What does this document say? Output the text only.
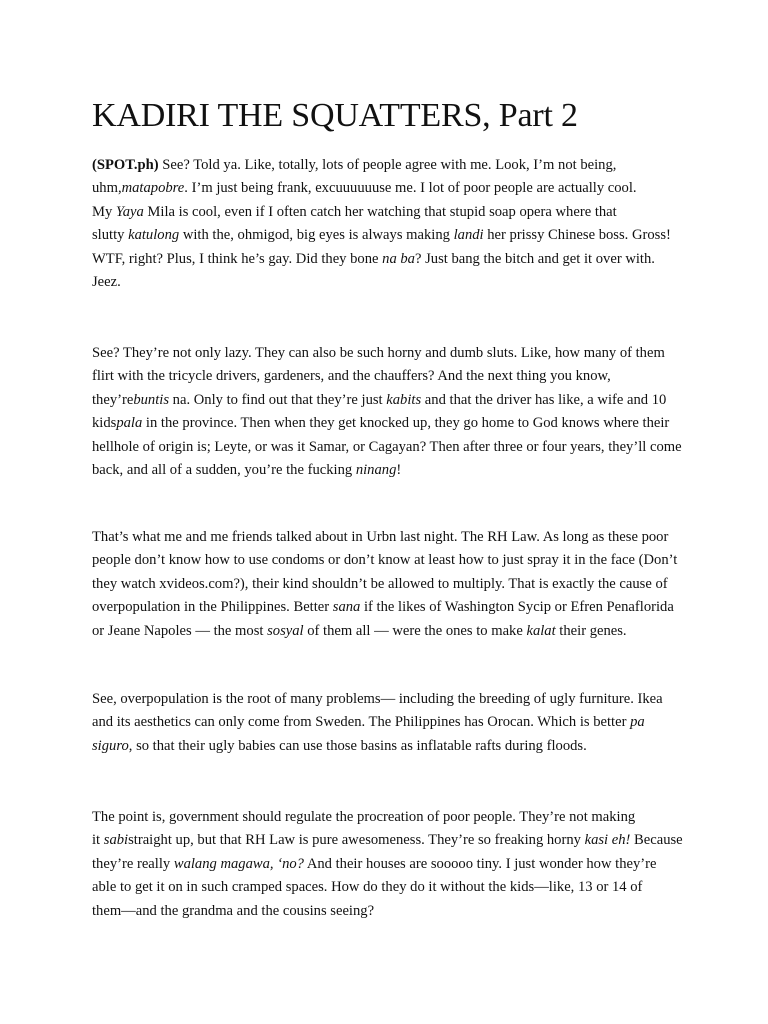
KADIRI THE SQUATTERS, Part 2
(SPOT.ph) See? Told ya. Like, totally, lots of people agree with me. Look, I’m not being,
uhm,matapobre. I’m just being frank, excuuuuuuse me. I lot of poor people are actually cool.
My Yaya Mila is cool, even if I often catch her watching that stupid soap opera where that
slutty katulong with the, ohmigod, big eyes is always making landi her prissy Chinese boss. Gross!
WTF, right? Plus, I think he’s gay. Did they bone na ba? Just bang the bitch and get it over with.
Jeez.
See? They’re not only lazy. They can also be such horny and dumb sluts. Like, how many of them
flirt with the tricycle drivers, gardeners, and the chauffers? And the next thing you know,
they’rebuntis na. Only to find out that they’re just kabits and that the driver has like, a wife and 10
kidspala in the province. Then when they get knocked up, they go home to God knows where their
hellhole of origin is; Leyte, or was it Samar, or Cagayan? Then after three or four years, they’ll come
back, and all of a sudden, you’re the fucking ninang!
That’s what me and me friends talked about in Urbn last night. The RH Law. As long as these poor
people don’t know how to use condoms or don’t know at least how to just spray it in the face (Don’t
they watch xvideos.com?), their kind shouldn’t be allowed to multiply. That is exactly the cause of
overpopulation in the Philippines. Better sana if the likes of Washington Sycip or Efren Penaflorida
or Jeane Napoles — the most sosyal of them all — were the ones to make kalat their genes.
See, overpopulation is the root of many problems— including the breeding of ugly furniture. Ikea
and its aesthetics can only come from Sweden. The Philippines has Orocan. Which is better pa
siguro, so that their ugly babies can use those basins as inflatable rafts during floods.
The point is, government should regulate the procreation of poor people. They’re not making
it sabistraight up, but that RH Law is pure awesomeness. They’re so freaking horny kasi eh! Because
they’re really walang magawa, ‘no? And their houses are sooooo tiny. I just wonder how they’re
able to get it on in such cramped spaces. How do they do it without the kids—like, 13 or 14 of
them—and the grandma and the cousins seeing?
